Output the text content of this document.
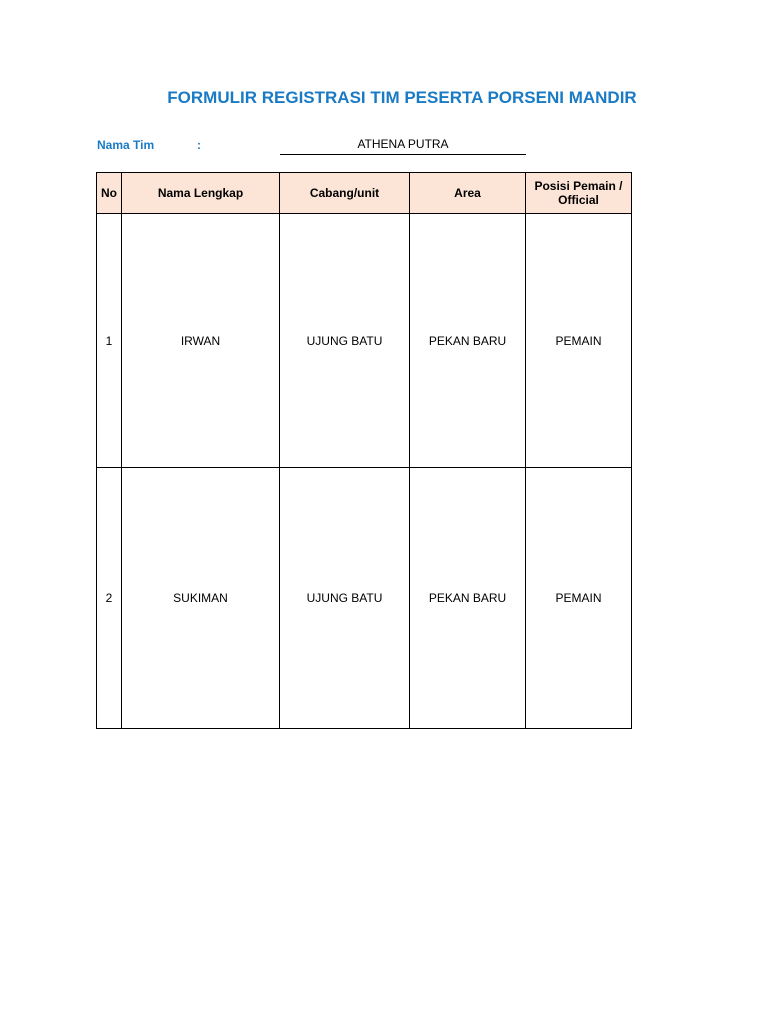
FORMULIR REGISTRASI TIM PESERTA PORSENI MANDIR
Nama Tim	:	ATHENA PUTRA
No	Nama Lengkap	Cabang/unit	Area	Posisi Pemain / Official
1	IRWAN	UJUNG BATU	PEKAN BARU	PEMAIN
2	SUKIMAN	UJUNG BATU	PEKAN BARU	PEMAIN
